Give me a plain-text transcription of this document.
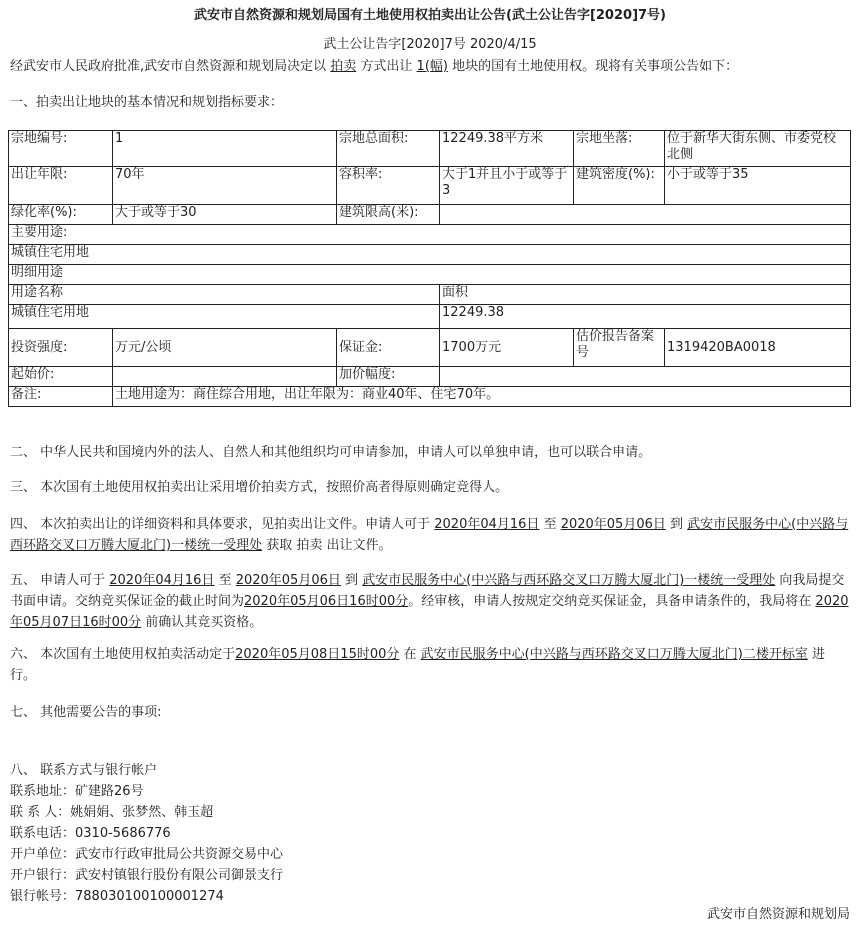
武安市自然资源和规划局国有土地使用权拍卖出让公告(武土公让告字[2020]7号)
武土公让告字[2020]7号 2020/4/15
经武安市人民政府批准,武安市自然资源和规划局决定以 拍卖 方式出让 1(幅) 地块的国有土地使用权。现将有关事项公告如下：
一、拍卖出让地块的基本情况和规划指标要求：
宗地编号:	1	宗地总面积:	12249.38平方米	宗地坐落:	位于新华大街东侧、市委党校北侧
出让年限:	70年	容积率:	大于1并且小于或等于3	建筑密度(%):	小于或等于35
绿化率(%):	大于或等于30	建筑限高(米):			
主要用途:					
城镇住宅用地					
明细用途					
用途名称			面积		
城镇住宅用地			12249.38		
投资强度:	万元/公顷	保证金:	1700万元	估价报告备案号	1319420BA0018
起始价:		加价幅度:			
备注:	土地用途为：商住综合用地，出让年限为：商业40年、住宅70年。				
二、 中华人民共和国境内外的法人、自然人和其他组织均可申请参加，申请人可以单独申请，也可以联合申请。
三、 本次国有土地使用权拍卖出让采用增价拍卖方式，按照价高者得原则确定竞得人。
四、 本次拍卖出让的详细资料和具体要求，见拍卖出让文件。申请人可于 2020年04月16日 至 2020年05月06日 到 武安市民服务中心(中兴路与西环路交叉口万腾大厦北门)一楼统一受理处 获取 拍卖 出让文件。
五、 申请人可于 2020年04月16日 至 2020年05月06日 到 武安市民服务中心(中兴路与西环路交叉口万腾大厦北门)一楼统一受理处 向我局提交书面申请。交纳竞买保证金的截止时间为2020年05月06日16时00分。经审核，申请人按规定交纳竞买保证金，具备申请条件的，我局将在 2020年05月07日16时00分 前确认其竞买资格。
六、 本次国有土地使用权拍卖活动定于2020年05月08日15时00分 在 武安市民服务中心(中兴路与西环路交叉口万腾大厦北门)二楼开标室 进行。
七、 其他需要公告的事项:
八、 联系方式与银行帐户
联系地址：矿建路26号
联 系 人：姚娟娟、张梦然、韩玉超
联系电话：0310-5686776
开户单位：武安市行政审批局公共资源交易中心
开户银行：武安村镇银行股份有限公司御景支行
银行帐号：788030100100001274
武安市自然资源和规划局
